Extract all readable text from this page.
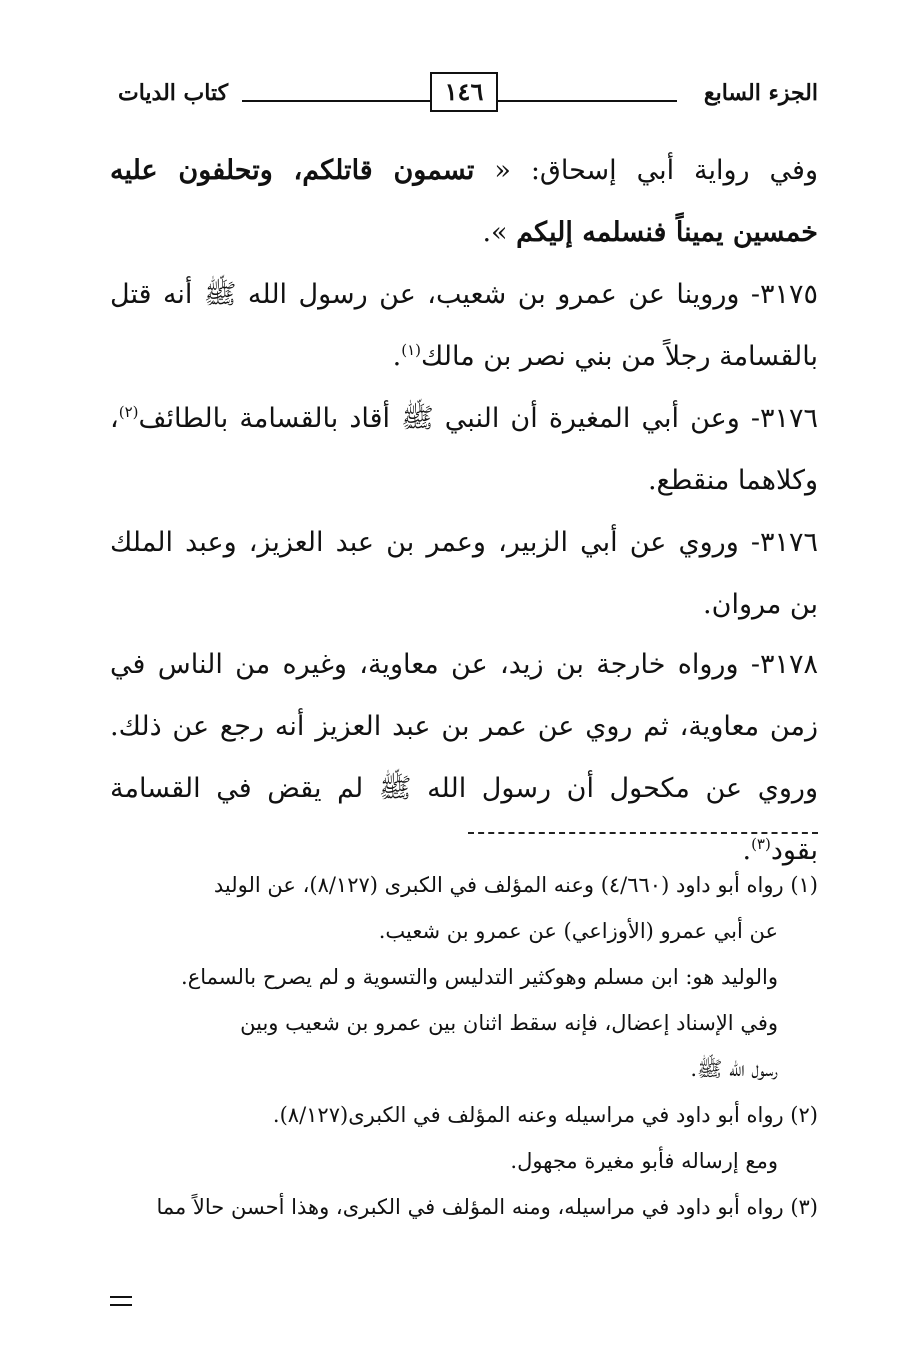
الجزء السابع
١٤٦
كتاب الديات

وفي رواية أبي إسحاق: « تسمون قاتلكم، وتحلفون عليه خمسين يميناً فنسلمه إليكم ».

٣١٧٥- وروينا عن عمرو بن شعيب، عن رسول الله ﷺ أنه قتل بالقسامة رجلاً من بني نصر بن مالك$^{(١)}$.

٣١٧٦- وعن أبي المغيرة أن النبي ﷺ أقاد بالقسامة بالطائف$^{(٢)}$، وكلاهما منقطع.

٣١٧٦- وروي عن أبي الزبير، وعمر بن عبد العزيز، وعبد الملك بن مروان.

٣١٧٨- ورواه خارجة بن زيد، عن معاوية، وغيره من الناس في زمن معاوية، ثم روي عن عمر بن عبد العزيز أنه رجع عن ذلك. وروي عن مكحول أن رسول الله ﷺ لم يقض في القسامة بقود$^{(٣)}$.

(١) رواه أبو داود (٤/٦٦٠) وعنه المؤلف في الكبرى (٨/١٢٧)، عن الوليد

عن أبي عمرو (الأوزاعي) عن عمرو بن شعيب.

والوليد هو: ابن مسلم وهوكثير التدليس والتسوية و لم يصرح بالسماع.

وفي الإسناد إعضال، فإنه سقط اثنان بين عمرو بن شعيب وبين

رسول الله ﷺ.

(٢) رواه أبو داود في مراسيله وعنه المؤلف في الكبرى(٨/١٢٧).

ومع إرساله فأبو مغيرة مجهول.

(٣) رواه أبو داود في مراسيله، ومنه المؤلف في الكبرى، وهذا أحسن حالاً مما
